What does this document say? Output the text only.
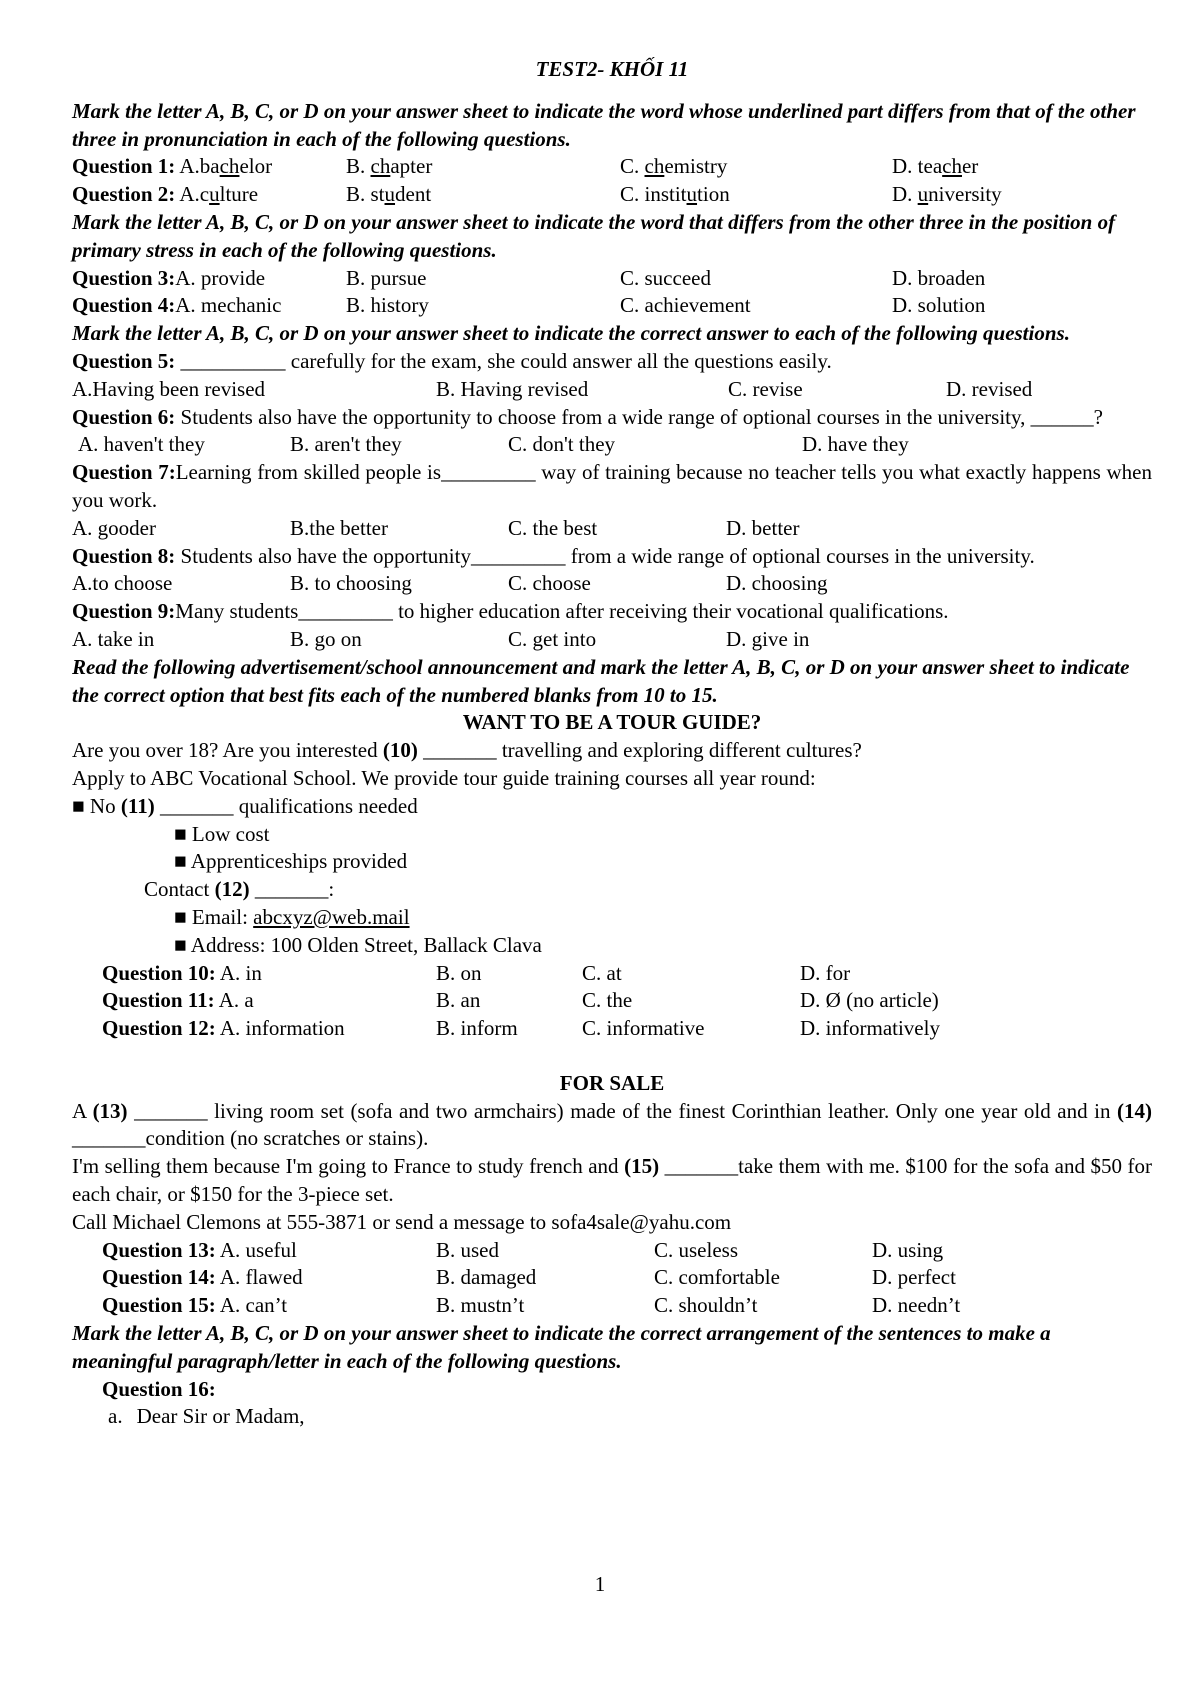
TEST2- KHỐI 11
Mark the letter A, B, C, or D on your answer sheet to indicate the word whose underlined part differs from that of the other three in pronunciation in each of the following questions.
Question 1: A.bachelor	B. chapter	C. chemistry	D. teacher
Question 2: A.culture	B. student	C. institution	D. university
Mark the letter A, B, C, or D on your answer sheet to indicate the word that differs from the other three in the position of primary stress in each of the following questions.
Question 3:A. provide	B. pursue	C. succeed	D. broaden
Question 4:A. mechanic	B. history	C. achievement	D. solution
Mark the letter A, B, C, or D on your answer sheet to indicate the correct answer to each of the following questions.
Question 5: __________ carefully for the exam, she could answer all the questions easily.
A.Having been revised	B. Having revised	C. revise	D. revised
Question 6: Students also have the opportunity to choose from a wide range of optional courses in the university, ______?
A. haven't they	B. aren't they	C. don't they	D. have they
Question 7:Learning from skilled people is_________ way of training because no teacher tells you what exactly happens when you work.
A. gooder	B.the better	C. the best	D. better
Question 8: Students also have the opportunity_________ from a wide range of optional courses in the university.
A.to choose	B. to choosing	C. choose	D. choosing
Question 9:Many students_________ to higher education after receiving their vocational qualifications.
A. take in	B. go on	C. get into	D. give in
Read the following advertisement/school announcement and mark the letter A, B, C, or D on your answer sheet to indicate the correct option that best fits each of the numbered blanks from 10 to 15.
WANT TO BE A TOUR GUIDE?
Are you over 18? Are you interested (10) _______ travelling and exploring different cultures?
Apply to ABC Vocational School. We provide tour guide training courses all year round:
■ No (11) _______ qualifications needed
■ Low cost
■ Apprenticeships provided
Contact (12) _______:
■ Email: abcxyz@web.mail
■ Address: 100 Olden Street, Ballack Clava
Question 10: A. in	B. on	C. at	D. for
Question 11: A. a	B. an	C. the	D. Ø (no article)
Question 12: A. information	B. inform	C. informative	D. informatively
FOR SALE
A (13) _______ living room set (sofa and two armchairs) made of the finest Corinthian leather. Only one year old and in (14) _______condition (no scratches or stains).
I'm selling them because I'm going to France to study french and (15) _______take them with me. $100 for the sofa and $50 for each chair, or $150 for the 3-piece set.
Call Michael Clemons at 555-3871 or send a message to sofa4sale@yahu.com
Question 13: A. useful	B. used	C. useless	D. using
Question 14: A. flawed	B. damaged	C. comfortable	D. perfect
Question 15: A. can’t	B. mustn’t	C. shouldn’t	D. needn’t
Mark the letter A, B, C, or D on your answer sheet to indicate the correct arrangement of the sentences to make a meaningful paragraph/letter in each of the following questions.
Question 16:
a. Dear Sir or Madam,
1
